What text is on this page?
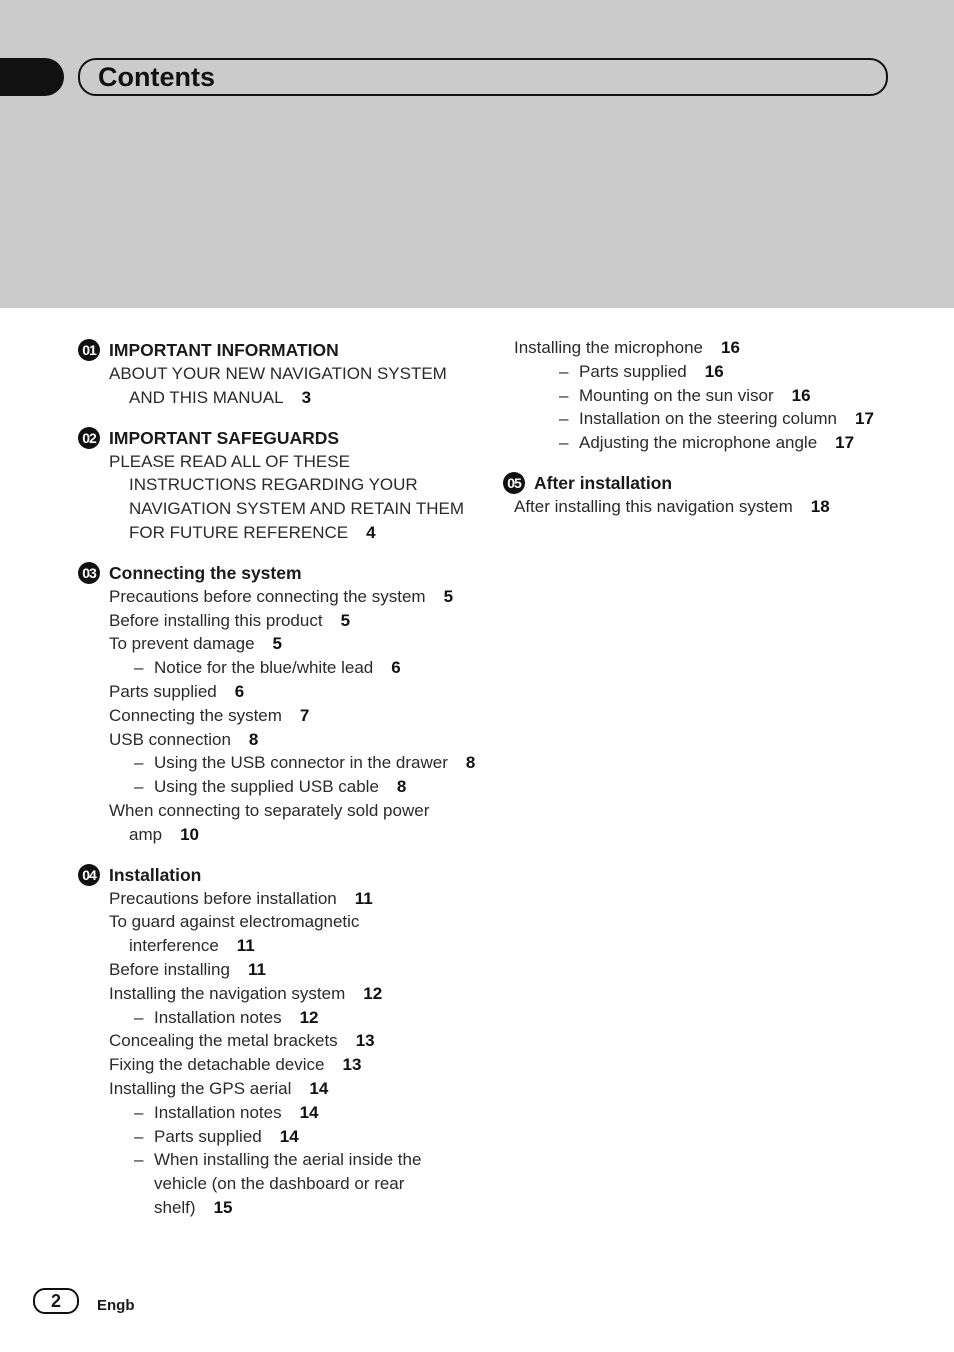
Contents
01 IMPORTANT INFORMATION
ABOUT YOUR NEW NAVIGATION SYSTEM AND THIS MANUAL 3
02 IMPORTANT SAFEGUARDS
PLEASE READ ALL OF THESE INSTRUCTIONS REGARDING YOUR NAVIGATION SYSTEM AND RETAIN THEM FOR FUTURE REFERENCE 4
03 Connecting the system
Precautions before connecting the system 5
Before installing this product 5
To prevent damage 5
– Notice for the blue/white lead 6
Parts supplied 6
Connecting the system 7
USB connection 8
– Using the USB connector in the drawer 8
– Using the supplied USB cable 8
When connecting to separately sold power amp 10
04 Installation
Precautions before installation 11
To guard against electromagnetic interference 11
Before installing 11
Installing the navigation system 12
– Installation notes 12
Concealing the metal brackets 13
Fixing the detachable device 13
Installing the GPS aerial 14
– Installation notes 14
– Parts supplied 14
– When installing the aerial inside the vehicle (on the dashboard or rear shelf) 15
Installing the microphone 16
– Parts supplied 16
– Mounting on the sun visor 16
– Installation on the steering column 17
– Adjusting the microphone angle 17
05 After installation
After installing this navigation system 18
2	Engb
